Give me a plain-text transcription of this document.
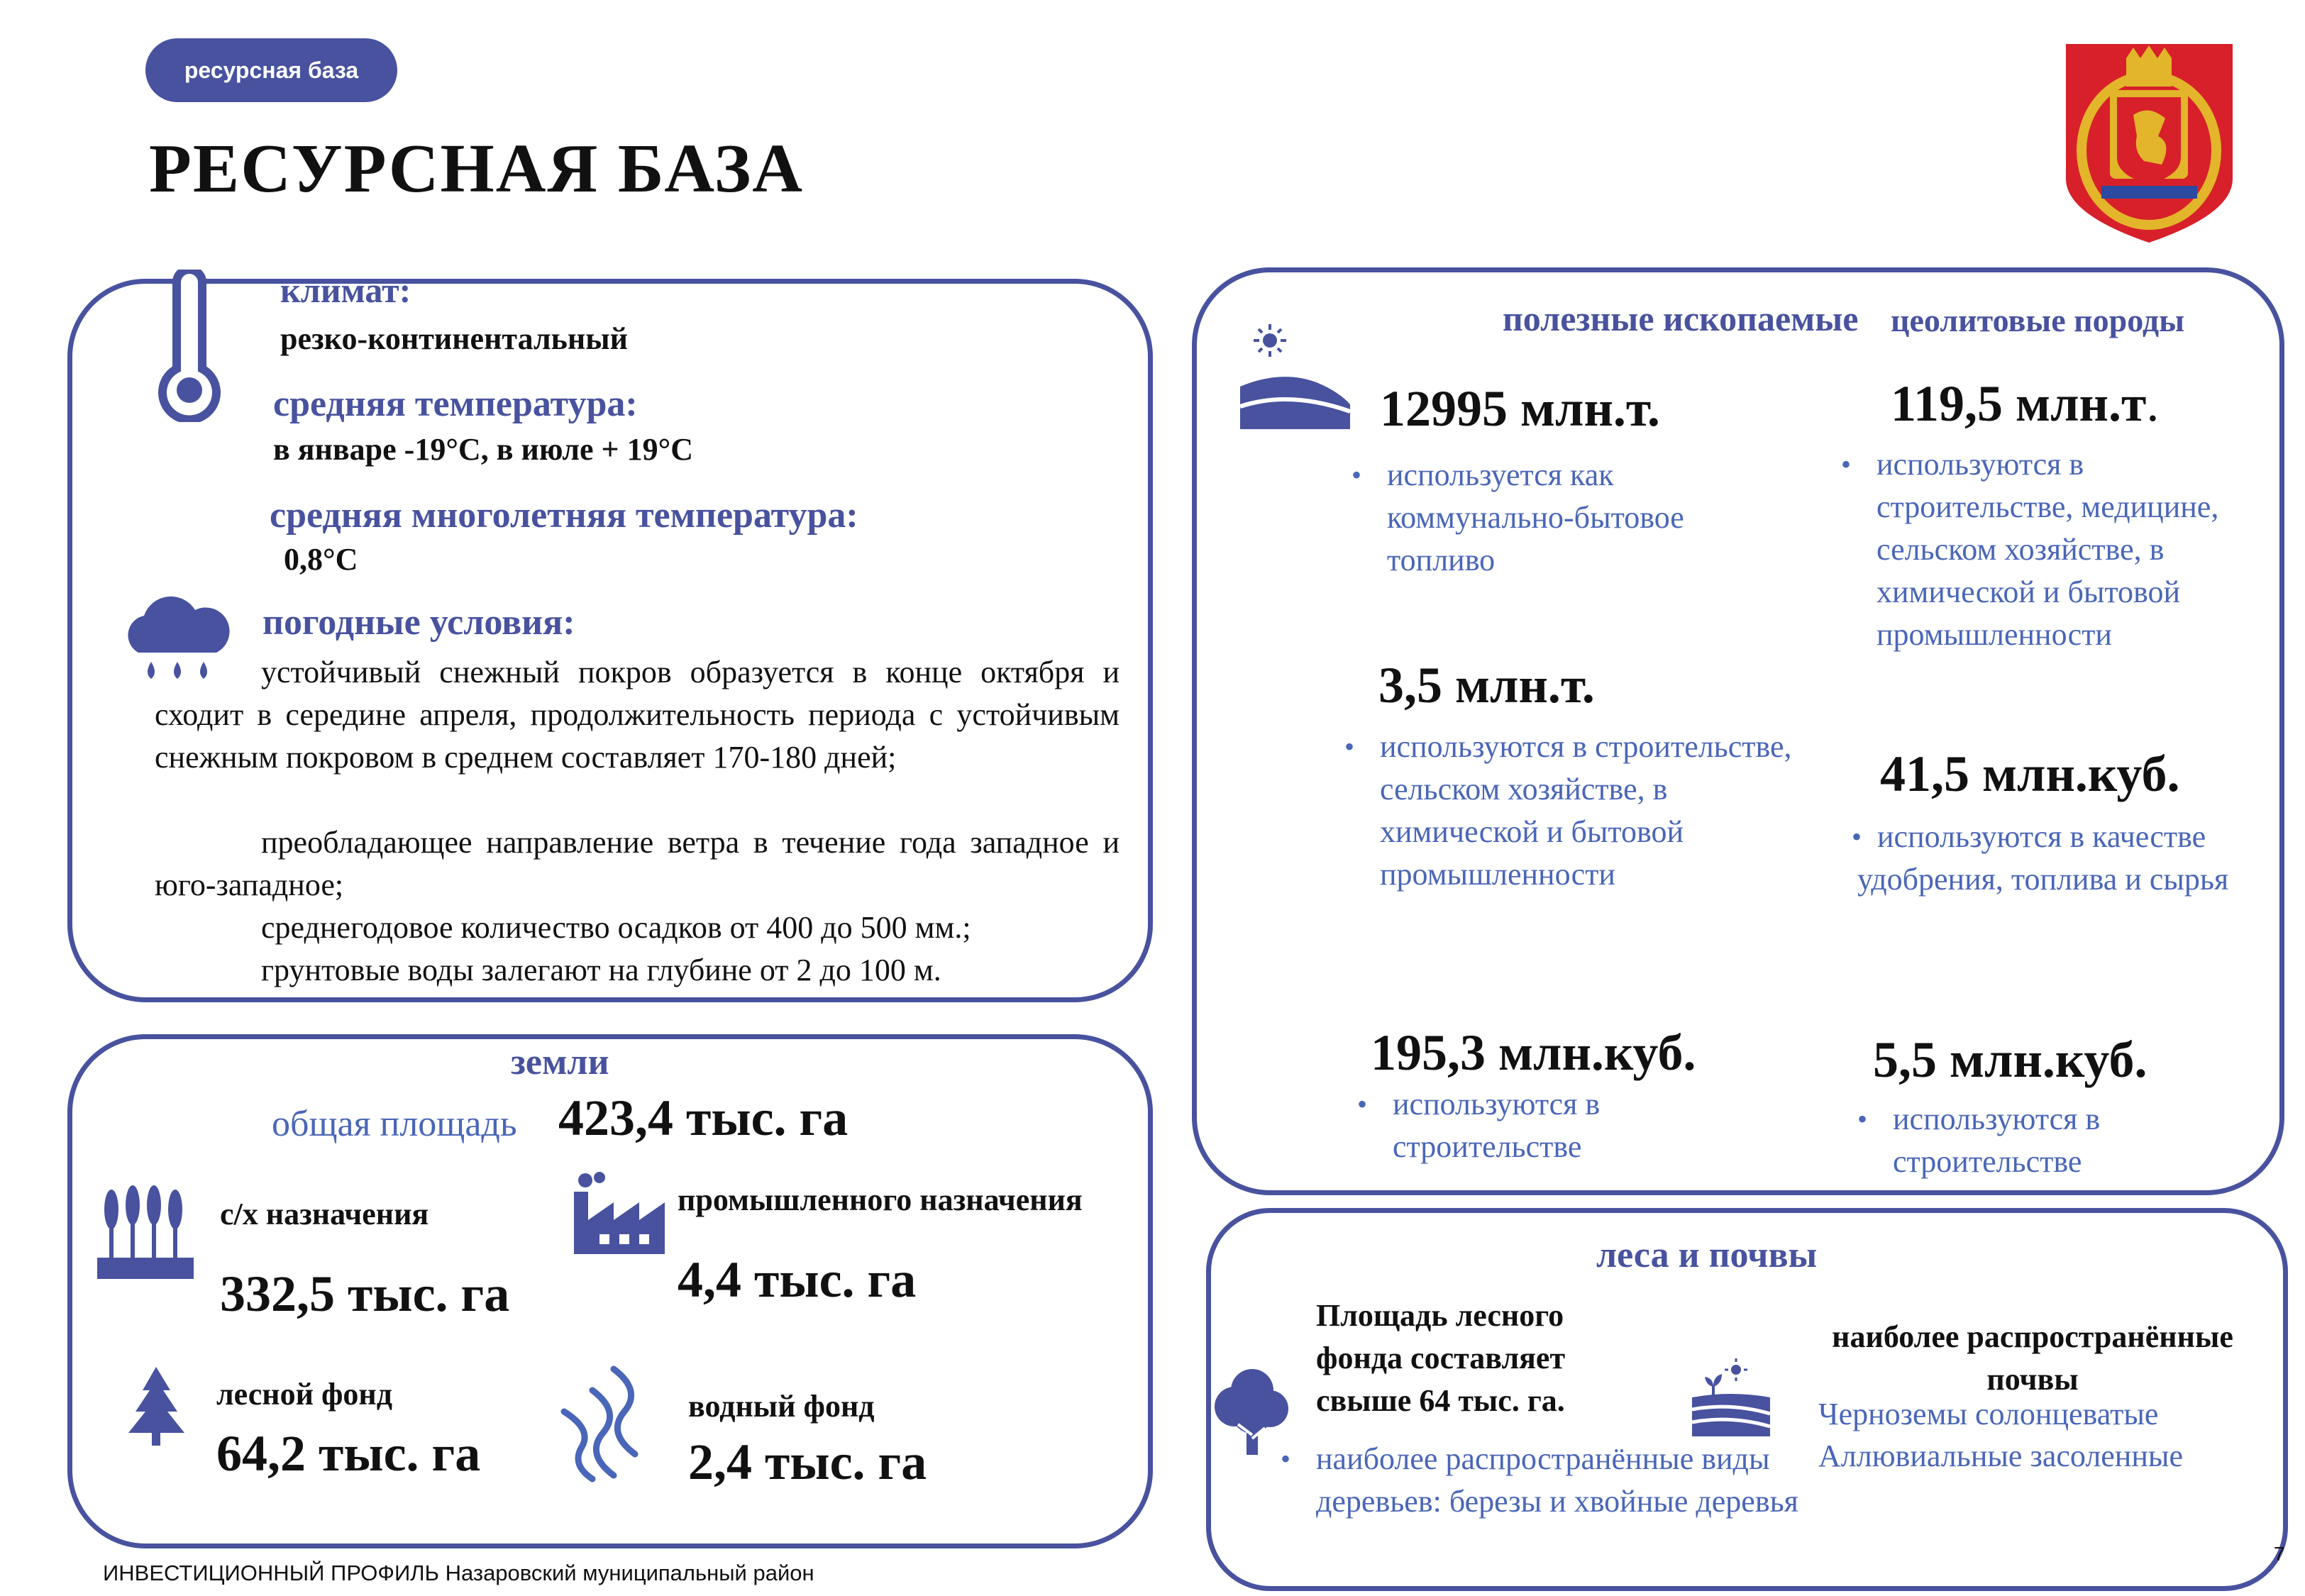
ресурсная база
РЕСУРСНАЯ БАЗА
климат:
резко-континентальный
средняя температура:
в январе -19°С, в июле + 19°С
средняя многолетняя температура:
0,8°С
погодные условия:
устойчивый снежный покров образуется в конце октября и сходит в середине апреля, продолжительность периода с устойчивым снежным покровом в среднем составляет 170-180 дней;
преобладающее направление ветра в течение года западное и юго-западное;
среднегодовое количество осадков от 400 до 500 мм.;
грунтовые воды залегают на глубине от 2 до 100 м.
земли
общая площадь 423,4 тыс. га
с/х назначения
332,5 тыс. га
промышленного назначения
4,4 тыс. га
лесной фонд
64,2 тыс. га
водный фонд
2,4 тыс. га
полезные ископаемые цеолитовые породы
12995 млн.т.
• используется как коммунально-бытовое топливо
119,5 млн.т.
• используются в строительстве, медицине, сельском хозяйстве, в химической и бытовой промышленности
3,5 млн.т.
• используются в строительстве, сельском хозяйстве, в химической и бытовой промышленности
41,5 млн.куб.
• используются в качестве удобрения, топлива и сырья
195,3 млн.куб.
• используются в строительстве
5,5 млн.куб.
• используются в строительстве
леса и почвы
Площадь лесного фонда составляет свыше 64 тыс. га.
• наиболее распространённые виды деревьев: березы и хвойные деревья
наиболее распространённые почвы
Черноземы солонцеватые
Аллювиальные засоленные
ИНВЕСТИЦИОННЫЙ ПРОФИЛЬ Назаровский муниципальный район
7
